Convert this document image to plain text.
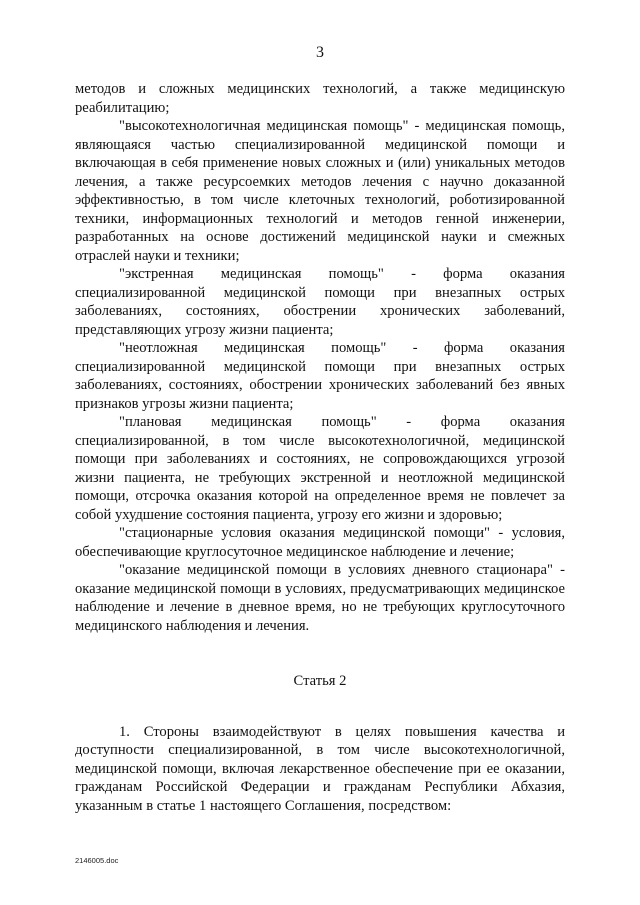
3

методов и сложных медицинских технологий, а также медицинскую реабилитацию;

"высокотехнологичная медицинская помощь" - медицинская помощь, являющаяся частью специализированной медицинской помощи и включающая в себя применение новых сложных и (или) уникальных методов лечения, а также ресурсоемких методов лечения с научно доказанной эффективностью, в том числе клеточных технологий, роботизированной техники, информационных технологий и методов генной инженерии, разработанных на основе достижений медицинской науки и смежных отраслей науки и техники;

"экстренная медицинская помощь" - форма оказания специализированной медицинской помощи при внезапных острых заболеваниях, состояниях, обострении хронических заболеваний, представляющих угрозу жизни пациента;

"неотложная медицинская помощь" - форма оказания специализированной медицинской помощи при внезапных острых заболеваниях, состояниях, обострении хронических заболеваний без явных признаков угрозы жизни пациента;

"плановая медицинская помощь" - форма оказания специализированной, в том числе высокотехнологичной, медицинской помощи при заболеваниях и состояниях, не сопровождающихся угрозой жизни пациента, не требующих экстренной и неотложной медицинской помощи, отсрочка оказания которой на определенное время не повлечет за собой ухудшение состояния пациента, угрозу его жизни и здоровью;

"стационарные условия оказания медицинской помощи" - условия, обеспечивающие круглосуточное медицинское наблюдение и лечение;

"оказание медицинской помощи в условиях дневного стационара" - оказание медицинской помощи в условиях, предусматривающих медицинское наблюдение и лечение в дневное время, но не требующих круглосуточного медицинского наблюдения и лечения.

Статья 2

1. Стороны взаимодействуют в целях повышения качества и доступности специализированной, в том числе высокотехнологичной, медицинской помощи, включая лекарственное обеспечение при ее оказании, гражданам Российской Федерации и гражданам Республики Абхазия, указанным в статье 1 настоящего Соглашения, посредством:

2146005.doc
